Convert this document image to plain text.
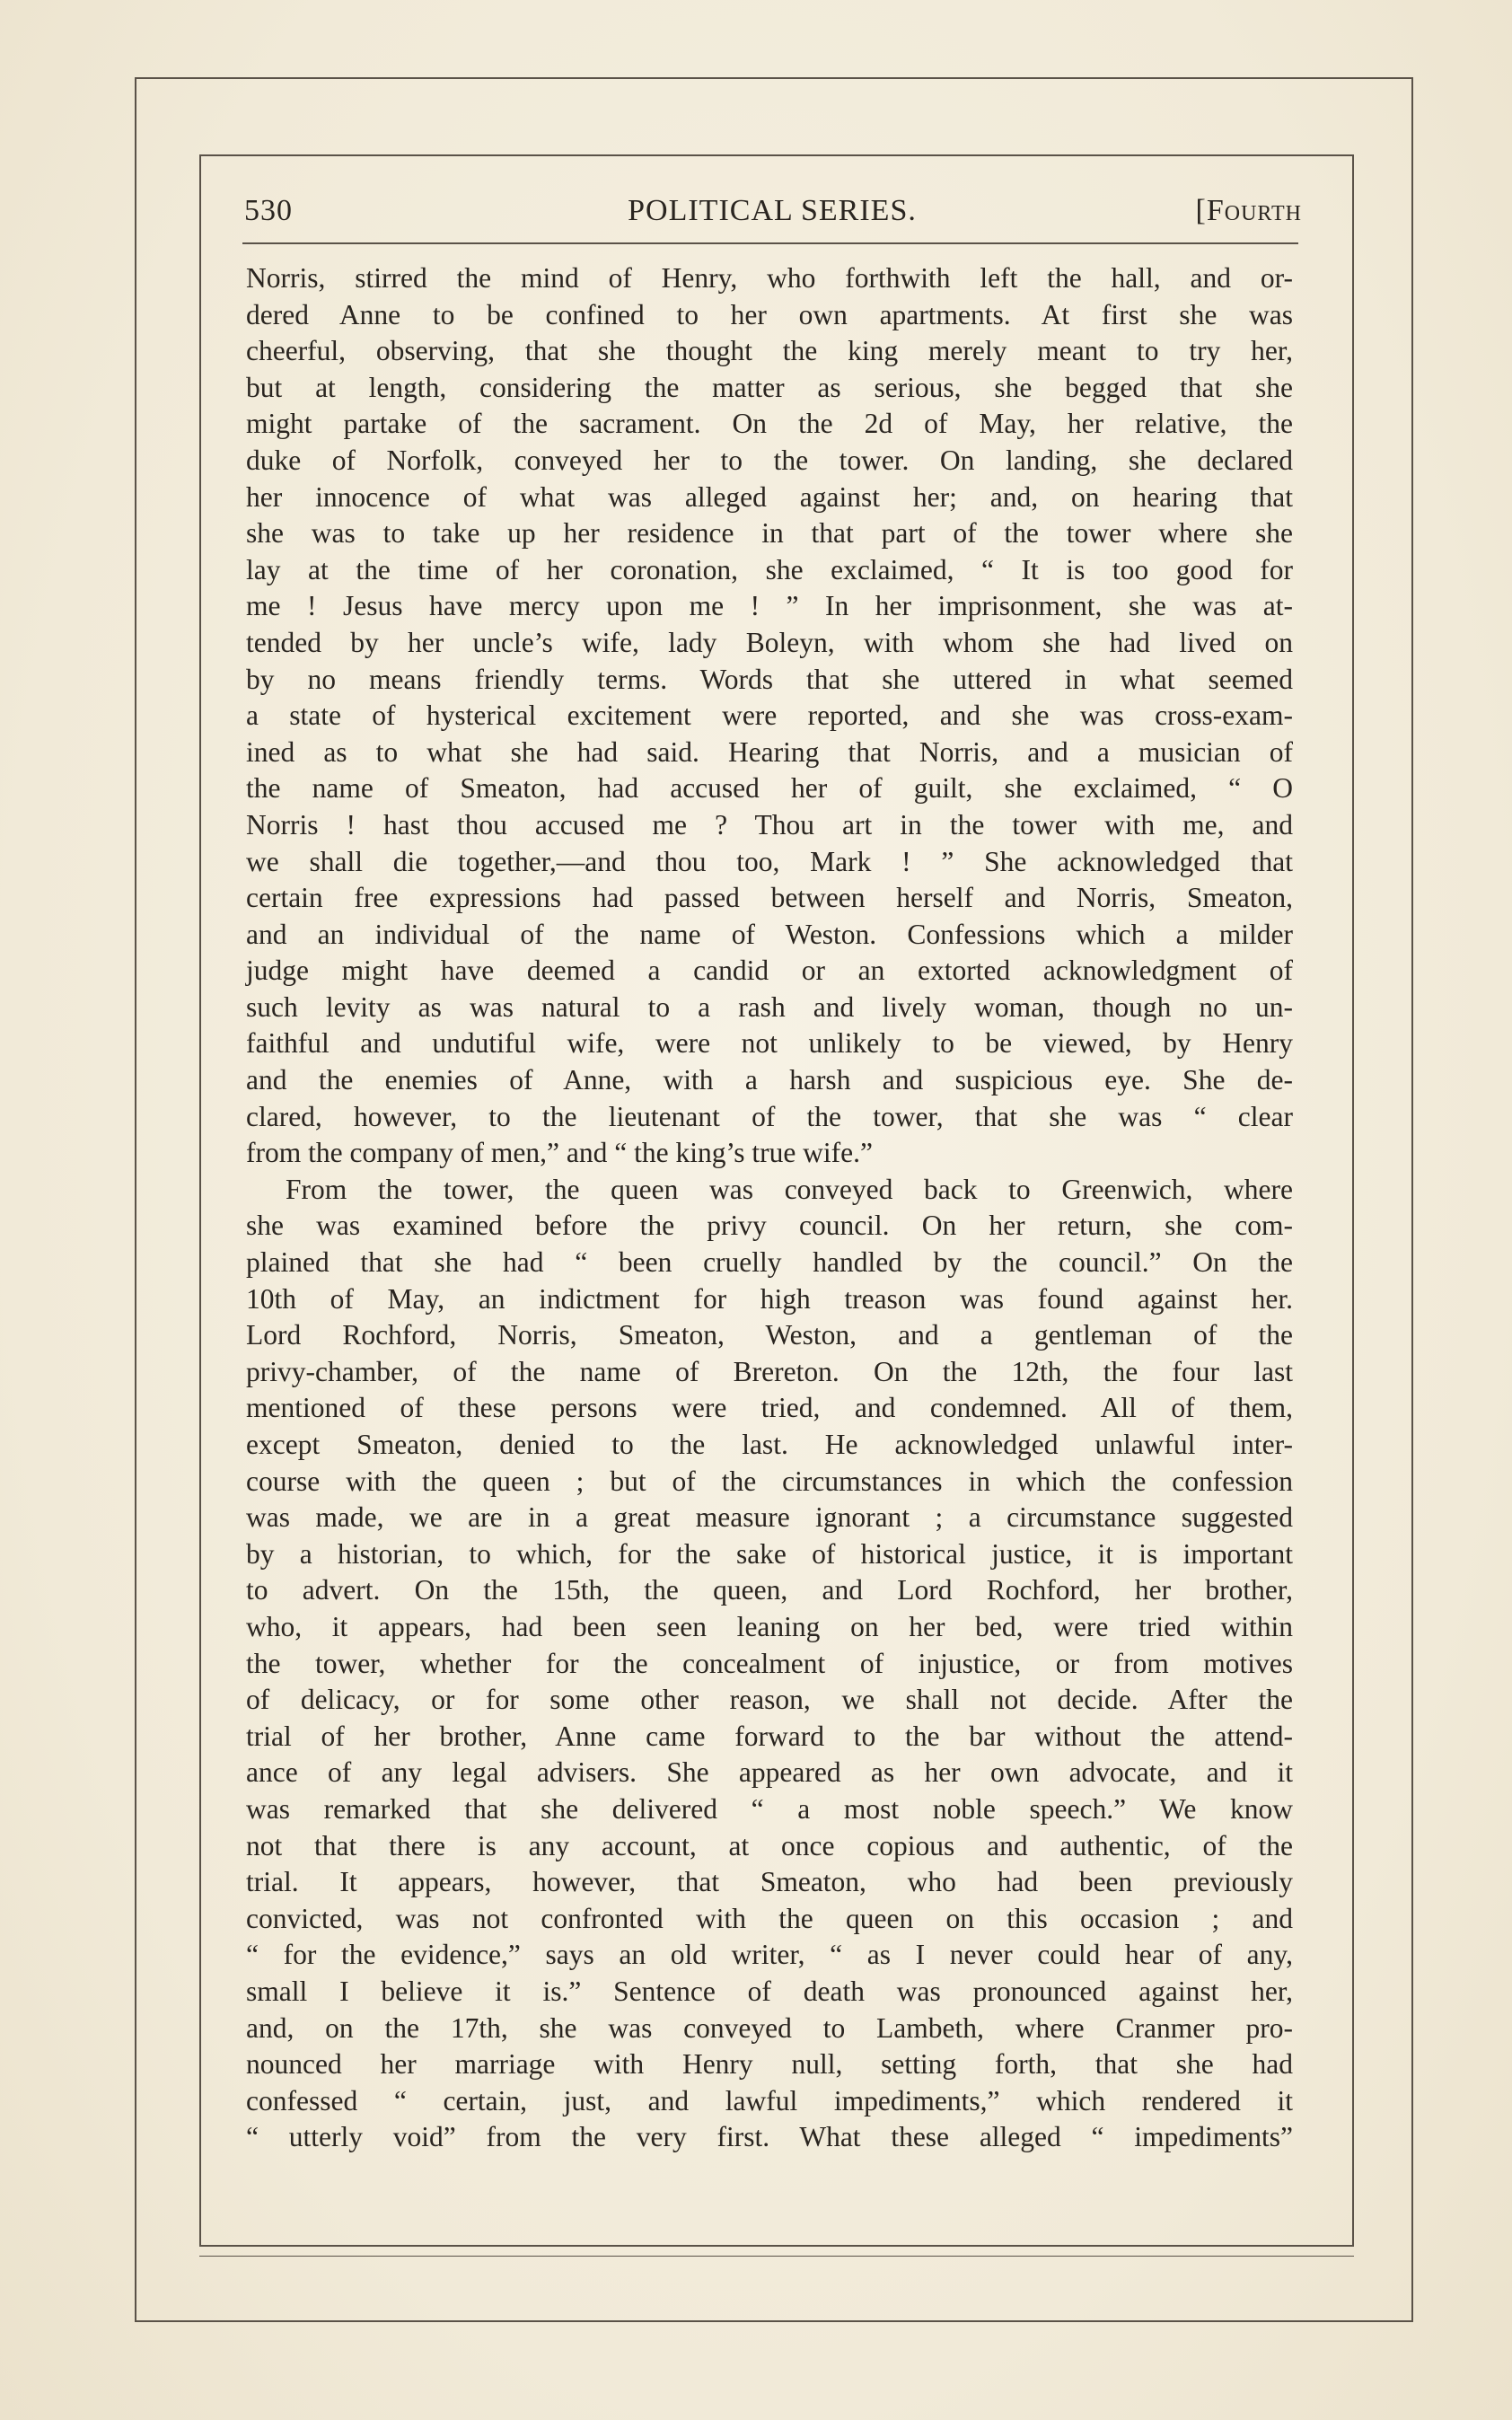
530	POLITICAL SERIES.	[Fourth
Norris, stirred the mind of Henry, who forthwith left the hall, and or-
dered Anne to be confined to her own apartments. At first she was
cheerful, observing, that she thought the king merely meant to try her,
but at length, considering the matter as serious, she begged that she
might partake of the sacrament. On the 2d of May, her relative, the
duke of Norfolk, conveyed her to the tower. On landing, she declared
her innocence of what was alleged against her; and, on hearing that
she was to take up her residence in that part of the tower where she
lay at the time of her coronation, she exclaimed, “ It is too good for
me ! Jesus have mercy upon me ! ” In her imprisonment, she was at-
tended by her uncle’s wife, lady Boleyn, with whom she had lived on
by no means friendly terms. Words that she uttered in what seemed
a state of hysterical excitement were reported, and she was cross-exam-
ined as to what she had said. Hearing that Norris, and a musician of
the name of Smeaton, had accused her of guilt, she exclaimed, “ O
Norris ! hast thou accused me ? Thou art in the tower with me, and
we shall die together,—and thou too, Mark ! ” She acknowledged that
certain free expressions had passed between herself and Norris, Smeaton,
and an individual of the name of Weston. Confessions which a milder
judge might have deemed a candid or an extorted acknowledgment of
such levity as was natural to a rash and lively woman, though no un-
faithful and undutiful wife, were not unlikely to be viewed, by Henry
and the enemies of Anne, with a harsh and suspicious eye. She de-
clared, however, to the lieutenant of the tower, that she was “ clear
from the company of men,” and “ the king’s true wife.”
From the tower, the queen was conveyed back to Greenwich, where
she was examined before the privy council. On her return, she com-
plained that she had “ been cruelly handled by the council.” On the
10th of May, an indictment for high treason was found against her.
Lord Rochford, Norris, Smeaton, Weston, and a gentleman of the
privy-chamber, of the name of Brereton. On the 12th, the four last
mentioned of these persons were tried, and condemned. All of them,
except Smeaton, denied to the last. He acknowledged unlawful inter-
course with the queen ; but of the circumstances in which the confession
was made, we are in a great measure ignorant ; a circumstance suggested
by a historian, to which, for the sake of historical justice, it is important
to advert. On the 15th, the queen, and Lord Rochford, her brother,
who, it appears, had been seen leaning on her bed, were tried within
the tower, whether for the concealment of injustice, or from motives
of delicacy, or for some other reason, we shall not decide. After the
trial of her brother, Anne came forward to the bar without the attend-
ance of any legal advisers. She appeared as her own advocate, and it
was remarked that she delivered “ a most noble speech.” We know
not that there is any account, at once copious and authentic, of the
trial. It appears, however, that Smeaton, who had been previously
convicted, was not confronted with the queen on this occasion ; and
“ for the evidence,” says an old writer, “ as I never could hear of any,
small I believe it is.” Sentence of death was pronounced against her,
and, on the 17th, she was conveyed to Lambeth, where Cranmer pro-
nounced her marriage with Henry null, setting forth, that she had
confessed “ certain, just, and lawful impediments,” which rendered it
“ utterly void” from the very first. What these alleged “ impediments”
